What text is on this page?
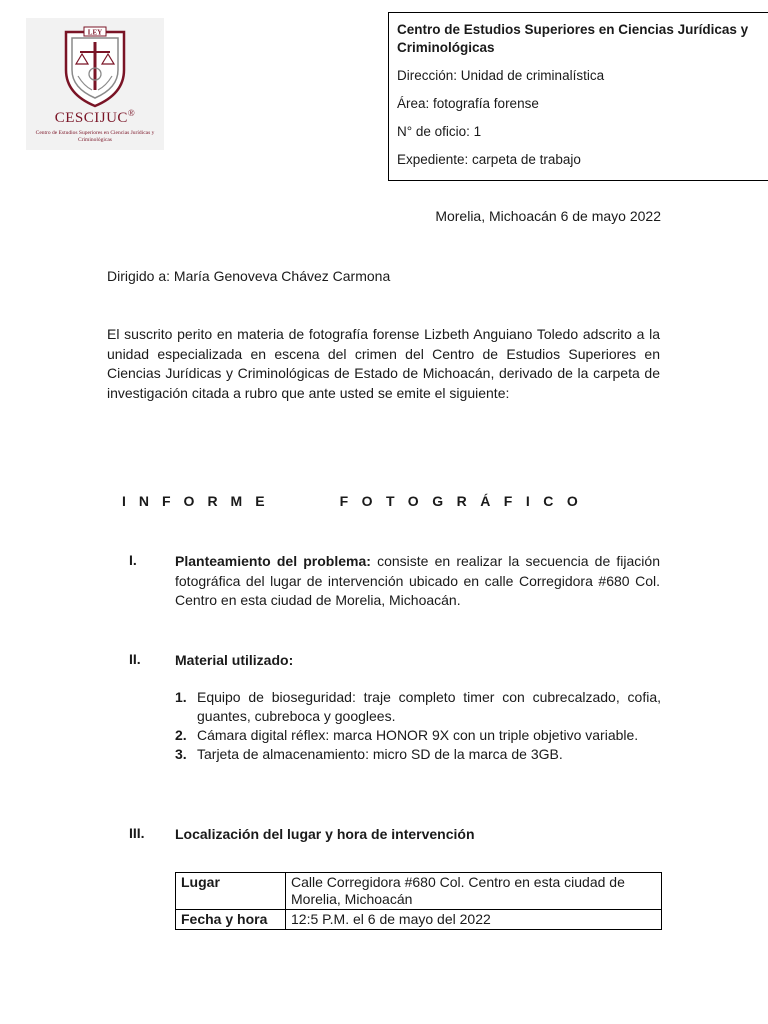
LEY
CESCIJUC®
Centro de Estudios Superiores en Ciencias Jurídicas y Criminológicas
Centro de Estudios Superiores en Ciencias Jurídicas y Criminológicas
Dirección: Unidad de criminalística
Área: fotografía forense
N° de oficio: 1
Expediente: carpeta de trabajo
Morelia, Michoacán 6 de mayo 2022
Dirigido a: María Genoveva Chávez Carmona
El suscrito perito en materia de fotografía forense Lizbeth Anguiano Toledo adscrito a la unidad especializada en escena del crimen del Centro de Estudios Superiores en Ciencias Jurídicas y Criminológicas de Estado de Michoacán, derivado de la carpeta de investigación citada a rubro que ante usted se emite el siguiente:
INFORME	FOTOGRÁFICO
I.	Planteamiento del problema: consiste en realizar la secuencia de fijación fotográfica del lugar de intervención ubicado en calle Corregidora #680 Col. Centro en esta ciudad de Morelia, Michoacán.
II. Material utilizado:
1. Equipo de bioseguridad: traje completo timer con cubrecalzado, cofia, guantes, cubreboca y googlees.
2. Cámara digital réflex: marca HONOR 9X con un triple objetivo variable.
3. Tarjeta de almacenamiento: micro SD de la marca de 3GB.
III. Localización del lugar y hora de intervención
Lugar	Calle Corregidora #680 Col. Centro en esta ciudad de Morelia, Michoacán
Fecha y hora	12:5 P.M. el 6 de mayo del 2022
